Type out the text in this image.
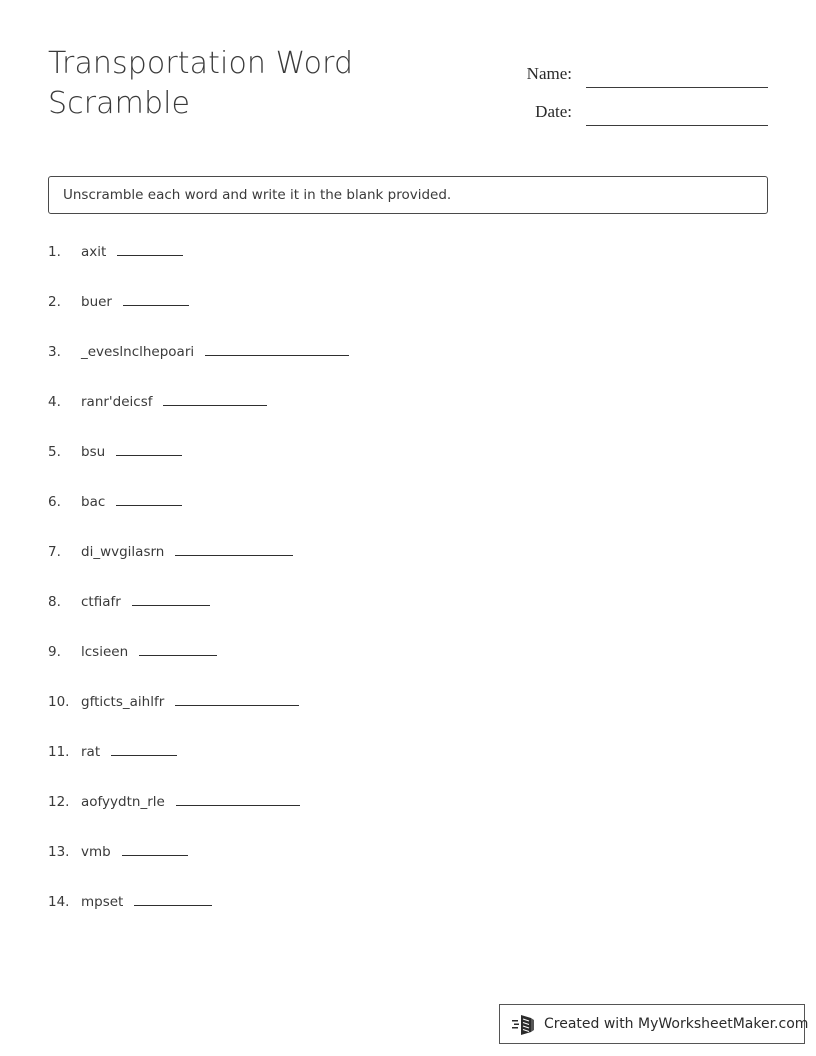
Transportation Word Scramble
Name:
Date:
Unscramble each word and write it in the blank provided.
1.	axit
2.	buer
3.	_eveslnclhepoari
4.	ranr'deicsf
5.	bsu
6.	bac
7.	di_wvgilasrn
8.	ctfiafr
9.	lcsieen
10. gfticts_aihlfr
11. rat
12. aofyydtn_rle
13. vmb
14. mpset
Created with MyWorksheetMaker.com
